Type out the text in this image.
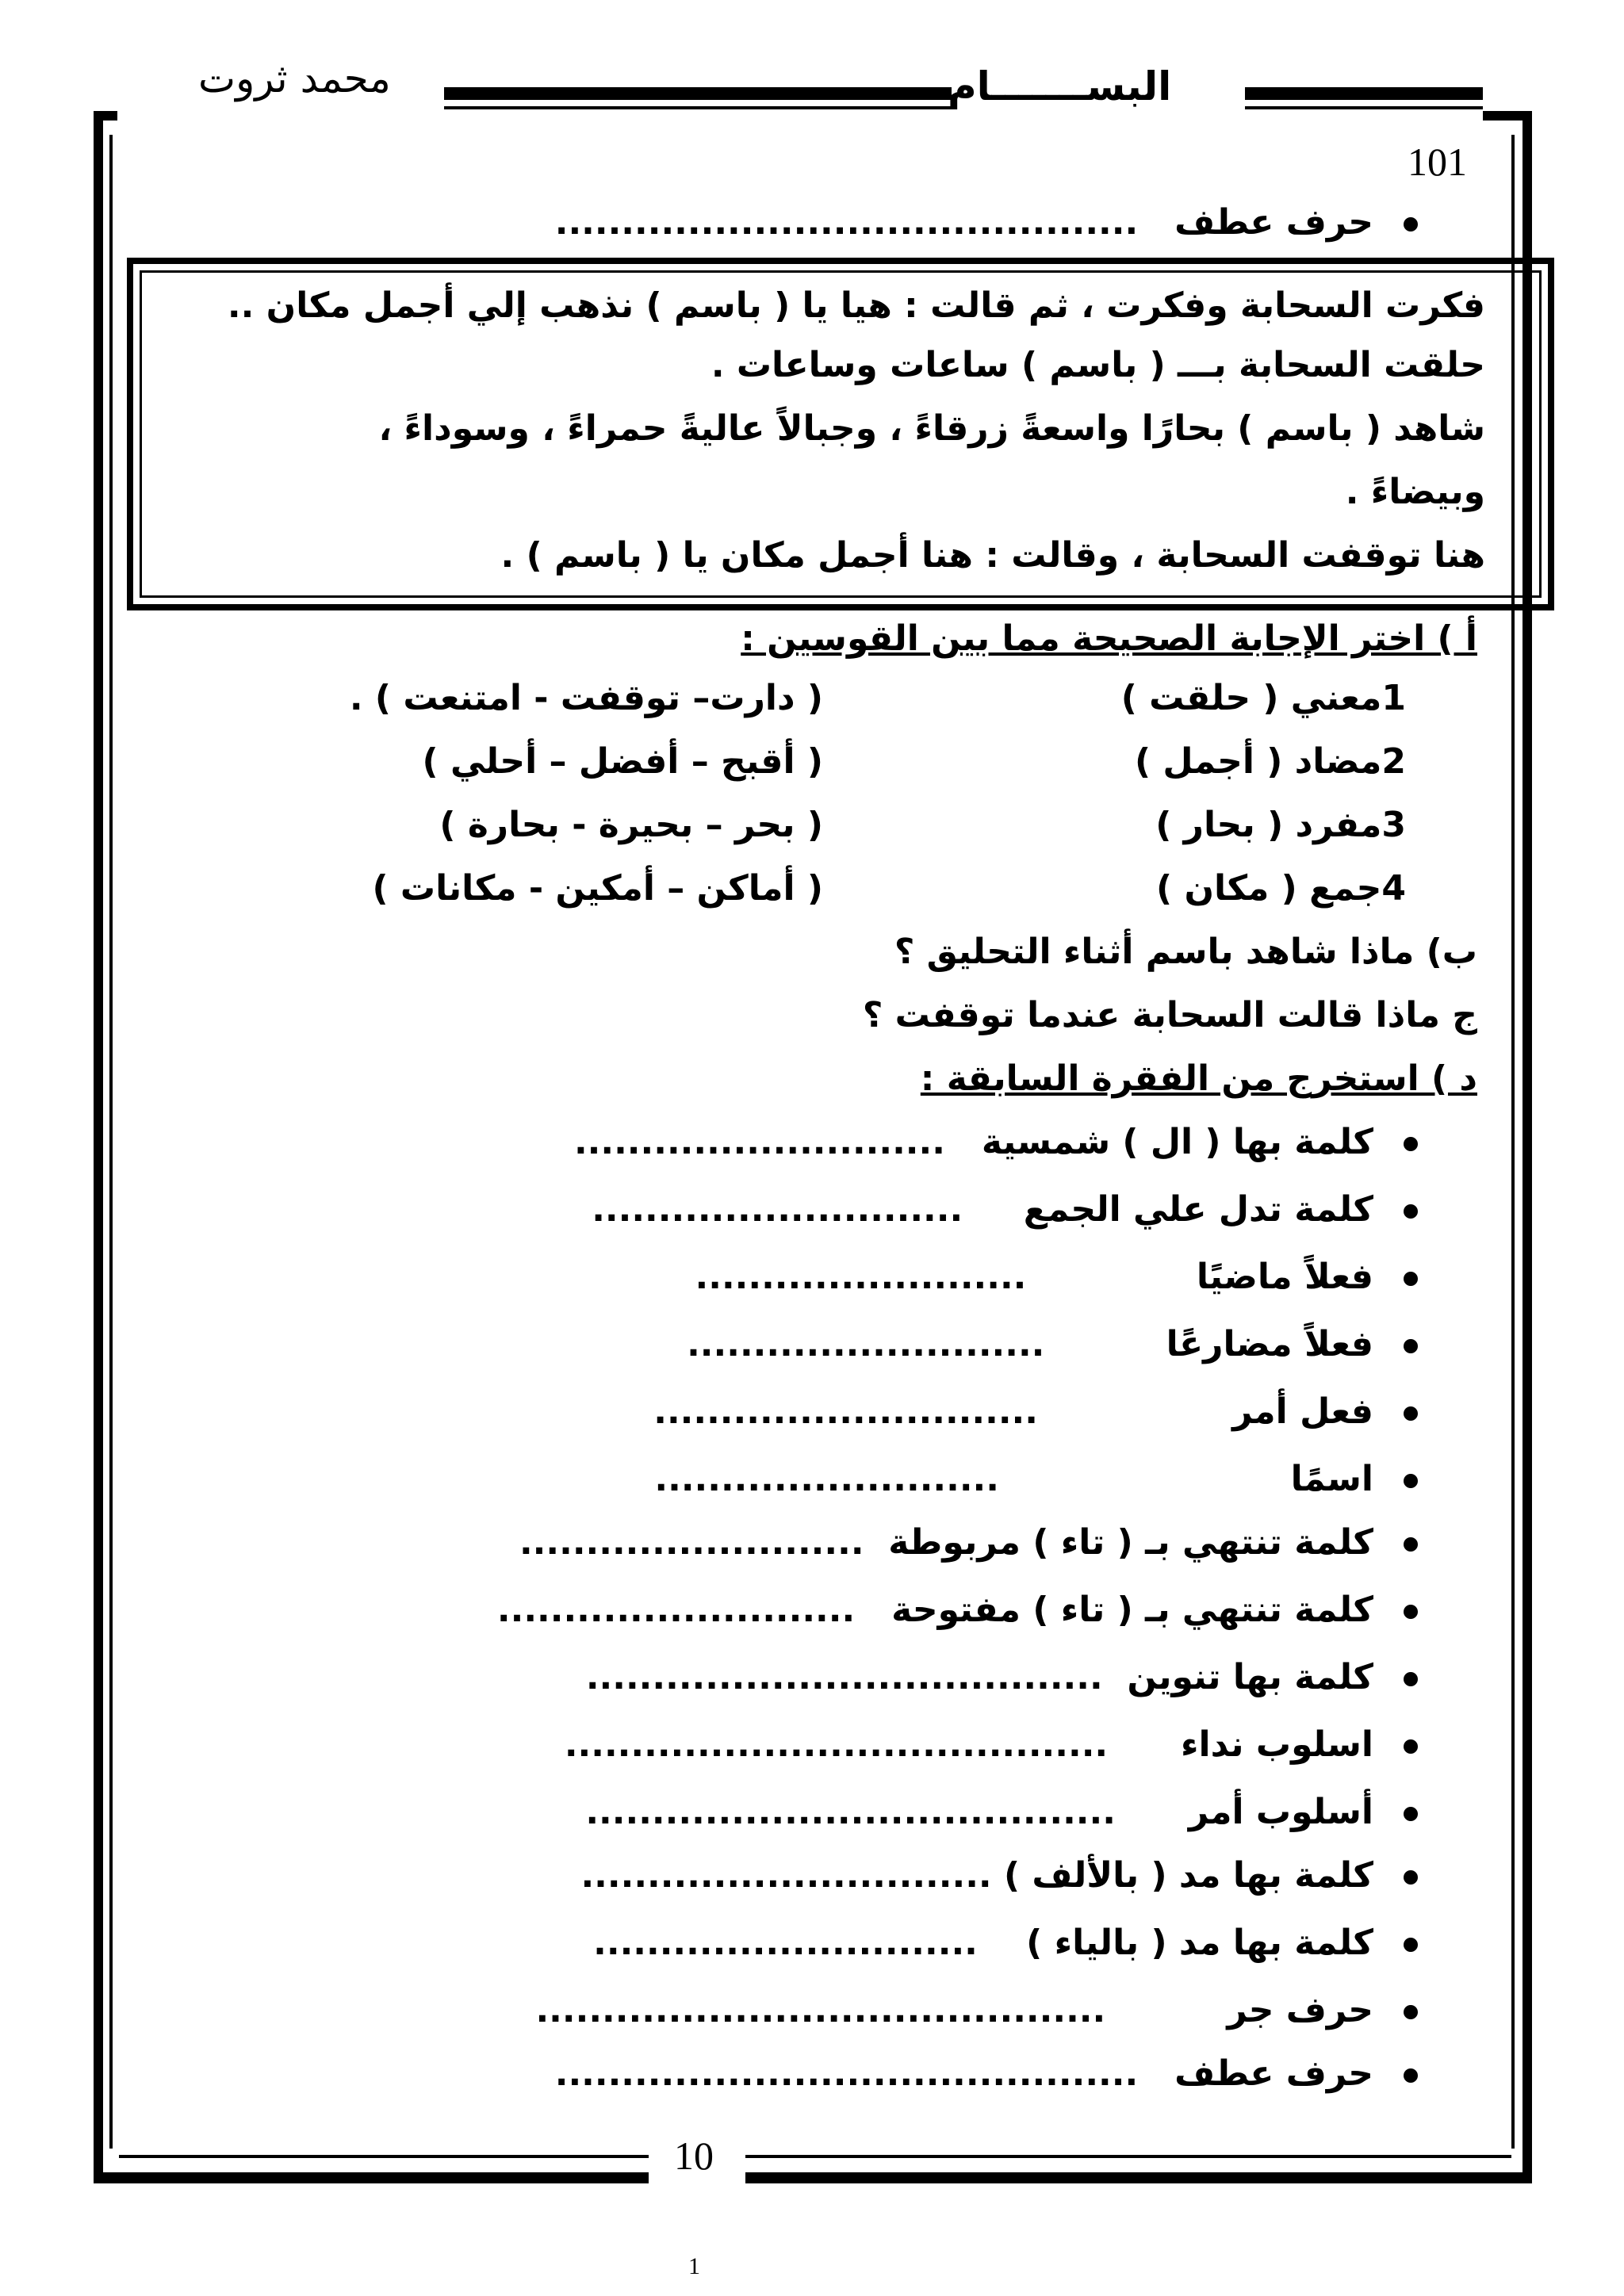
محمد ثروت	البســـــــام
101
10
1
حرف عطف   ............................................
فكرت السحابة وفكرت ، ثم قالت : هيا يا ( باسم ) نذهب إلي أجمل مكان ..
حلقت السحابة بـــ ( باسم ) ساعات وساعات .
شاهد ( باسم ) بحارًا واسعةً زرقاءً ، وجبالاً عاليةً حمراءً ، وسوداءً ،
وبيضاءً .
هنا توقفت السحابة ، وقالت : هنا أجمل مكان يا ( باسم ) .
أ ) اختر الإجابة الصحيحة مما بين القوسين :
1معني ( حلقت )
( دارت– توقفت - امتنعت ) .
2مضاد ( أجمل )
( أقبح – أفضل – أحلي )
3مفرد ( بحار )
( بحر – بحيرة - بحارة )
4جمع ( مكان )
( أماكن – أمكين - مكانات )
ب) ماذا شاهد باسم أثناء التحليق ؟
ج ماذا قالت السحابة عندما توقفت ؟
د ) استخرج من الفقرة السابقة :
كلمة بها ( ال ) شمسية   ............................
كلمة تدل علي الجمع     ............................
فعلاً ماضيًا              .........................
فعلاً مضارعًا          ...........................
فعل أمر                .............................
اسمًا                        ..........................
كلمة تنتهي بـ ( تاء ) مربوطة  ..........................
كلمة تنتهي بـ ( تاء ) مفتوحة   ...........................
كلمة بها تنوين  .......................................
اسلوب نداء      .........................................
أسلوب أمر      ........................................
كلمة بها مد ( بالألف ) ...............................
كلمة بها مد ( بالياء )    .............................
حرف جر          ...........................................
حرف عطف   ............................................
